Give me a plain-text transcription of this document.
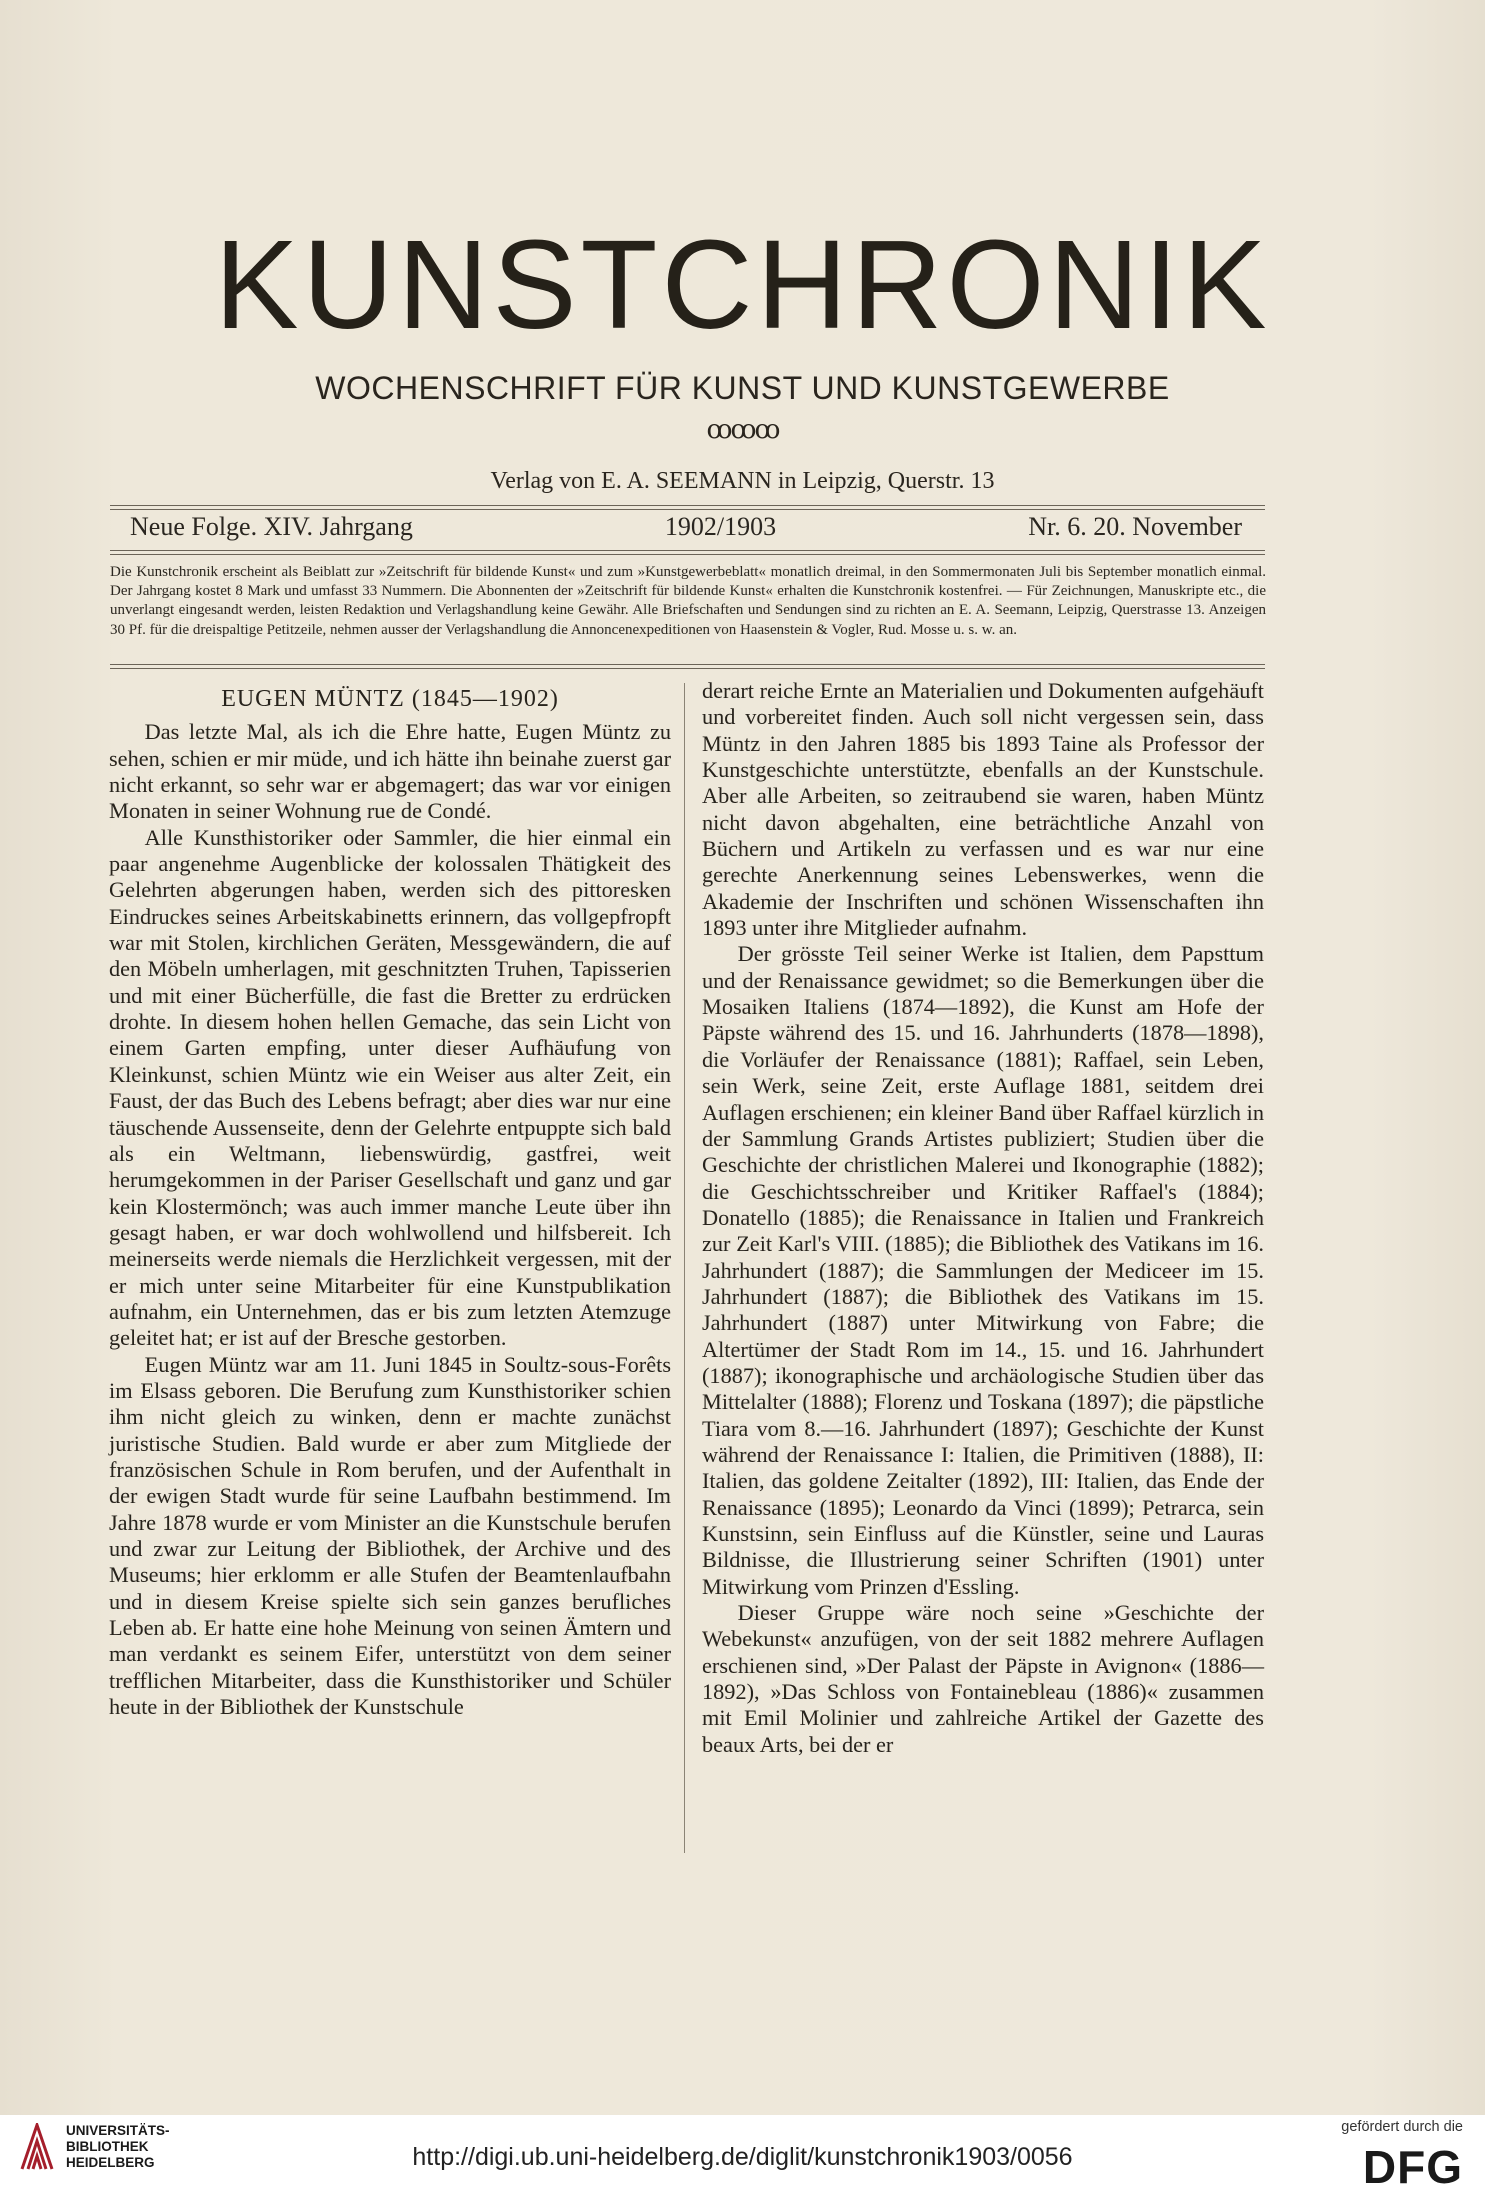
KUNSTCHRONIK
WOCHENSCHRIFT FÜR KUNST UND KUNSTGEWERBE
ꝏꝏꝏ
Verlag von E. A. SEEMANN in Leipzig, Querstr. 13
Neue Folge. XIV. Jahrgang	1902/1903	Nr. 6. 20. November
Die Kunstchronik erscheint als Beiblatt zur »Zeitschrift für bildende Kunst« und zum »Kunstgewerbeblatt« monatlich dreimal, in den Sommermonaten Juli bis September monatlich einmal. Der Jahrgang kostet 8 Mark und umfasst 33 Nummern. Die Abonnenten der »Zeitschrift für bildende Kunst« erhalten die Kunstchronik kostenfrei. — Für Zeichnungen, Manuskripte etc., die unverlangt eingesandt werden, leisten Redaktion und Verlagshandlung keine Gewähr. Alle Briefschaften und Sendungen sind zu richten an E. A. Seemann, Leipzig, Querstrasse 13. Anzeigen 30 Pf. für die dreispaltige Petitzeile, nehmen ausser der Verlagshandlung die Annoncenexpeditionen von Haasenstein & Vogler, Rud. Mosse u. s. w. an.

EUGEN MÜNTZ (1845—1902)

Das letzte Mal, als ich die Ehre hatte, Eugen Müntz zu sehen, schien er mir müde, und ich hätte ihn beinahe zuerst gar nicht erkannt, so sehr war er abgemagert; das war vor einigen Monaten in seiner Wohnung rue de Condé.

Alle Kunsthistoriker oder Sammler, die hier einmal ein paar angenehme Augenblicke der kolossalen Thätigkeit des Gelehrten abgerungen haben, werden sich des pittoresken Eindruckes seines Arbeitskabinetts erinnern, das vollgepfropft war mit Stolen, kirchlichen Geräten, Messgewändern, die auf den Möbeln umherlagen, mit geschnitzten Truhen, Tapisserien und mit einer Bücherfülle, die fast die Bretter zu erdrücken drohte. In diesem hohen hellen Gemache, das sein Licht von einem Garten empfing, unter dieser Aufhäufung von Kleinkunst, schien Müntz wie ein Weiser aus alter Zeit, ein Faust, der das Buch des Lebens befragt; aber dies war nur eine täuschende Aussenseite, denn der Gelehrte entpuppte sich bald als ein Weltmann, liebenswürdig, gastfrei, weit herumgekommen in der Pariser Gesellschaft und ganz und gar kein Klostermönch; was auch immer manche Leute über ihn gesagt haben, er war doch wohlwollend und hilfsbereit. Ich meinerseits werde niemals die Herzlichkeit vergessen, mit der er mich unter seine Mitarbeiter für eine Kunstpublikation aufnahm, ein Unternehmen, das er bis zum letzten Atemzuge geleitet hat; er ist auf der Bresche gestorben.

Eugen Müntz war am 11. Juni 1845 in Soultz-sous-Forêts im Elsass geboren. Die Berufung zum Kunsthistoriker schien ihm nicht gleich zu winken, denn er machte zunächst juristische Studien. Bald wurde er aber zum Mitgliede der französischen Schule in Rom berufen, und der Aufenthalt in der ewigen Stadt wurde für seine Laufbahn bestimmend. Im Jahre 1878 wurde er vom Minister an die Kunstschule berufen und zwar zur Leitung der Bibliothek, der Archive und des Museums; hier erklomm er alle Stufen der Beamtenlaufbahn und in diesem Kreise spielte sich sein ganzes berufliches Leben ab. Er hatte eine hohe Meinung von seinen Ämtern und man verdankt es seinem Eifer, unterstützt von dem seiner trefflichen Mitarbeiter, dass die Kunsthistoriker und Schüler heute in der Bibliothek der Kunstschule

derart reiche Ernte an Materialien und Dokumenten aufgehäuft und vorbereitet finden. Auch soll nicht vergessen sein, dass Müntz in den Jahren 1885 bis 1893 Taine als Professor der Kunstgeschichte unterstützte, ebenfalls an der Kunstschule. Aber alle Arbeiten, so zeitraubend sie waren, haben Müntz nicht davon abgehalten, eine beträchtliche Anzahl von Büchern und Artikeln zu verfassen und es war nur eine gerechte Anerkennung seines Lebenswerkes, wenn die Akademie der Inschriften und schönen Wissenschaften ihn 1893 unter ihre Mitglieder aufnahm.

Der grösste Teil seiner Werke ist Italien, dem Papsttum und der Renaissance gewidmet; so die Bemerkungen über die Mosaiken Italiens (1874—1892), die Kunst am Hofe der Päpste während des 15. und 16. Jahrhunderts (1878—1898), die Vorläufer der Renaissance (1881); Raffael, sein Leben, sein Werk, seine Zeit, erste Auflage 1881, seitdem drei Auflagen erschienen; ein kleiner Band über Raffael kürzlich in der Sammlung Grands Artistes publiziert; Studien über die Geschichte der christlichen Malerei und Ikonographie (1882); die Geschichtsschreiber und Kritiker Raffael's (1884); Donatello (1885); die Renaissance in Italien und Frankreich zur Zeit Karl's VIII. (1885); die Bibliothek des Vatikans im 16. Jahrhundert (1887); die Sammlungen der Mediceer im 15. Jahrhundert (1887); die Bibliothek des Vatikans im 15. Jahrhundert (1887) unter Mitwirkung von Fabre; die Altertümer der Stadt Rom im 14., 15. und 16. Jahrhundert (1887); ikonographische und archäologische Studien über das Mittelalter (1888); Florenz und Toskana (1897); die päpstliche Tiara vom 8.—16. Jahrhundert (1897); Geschichte der Kunst während der Renaissance I: Italien, die Primitiven (1888), II: Italien, das goldene Zeitalter (1892), III: Italien, das Ende der Renaissance (1895); Leonardo da Vinci (1899); Petrarca, sein Kunstsinn, sein Einfluss auf die Künstler, seine und Lauras Bildnisse, die Illustrierung seiner Schriften (1901) unter Mitwirkung vom Prinzen d'Essling.

Dieser Gruppe wäre noch seine »Geschichte der Webekunst« anzufügen, von der seit 1882 mehrere Auflagen erschienen sind, »Der Palast der Päpste in Avignon« (1886—1892), »Das Schloss von Fontainebleau (1886)« zusammen mit Emil Molinier und zahlreiche Artikel der Gazette des beaux Arts, bei der er

UNIVERSITÄTS-
BIBLIOTHEK
HEIDELBERG	http://digi.ub.uni-heidelberg.de/diglit/kunstchronik1903/0056
gefördert durch die
DFG
